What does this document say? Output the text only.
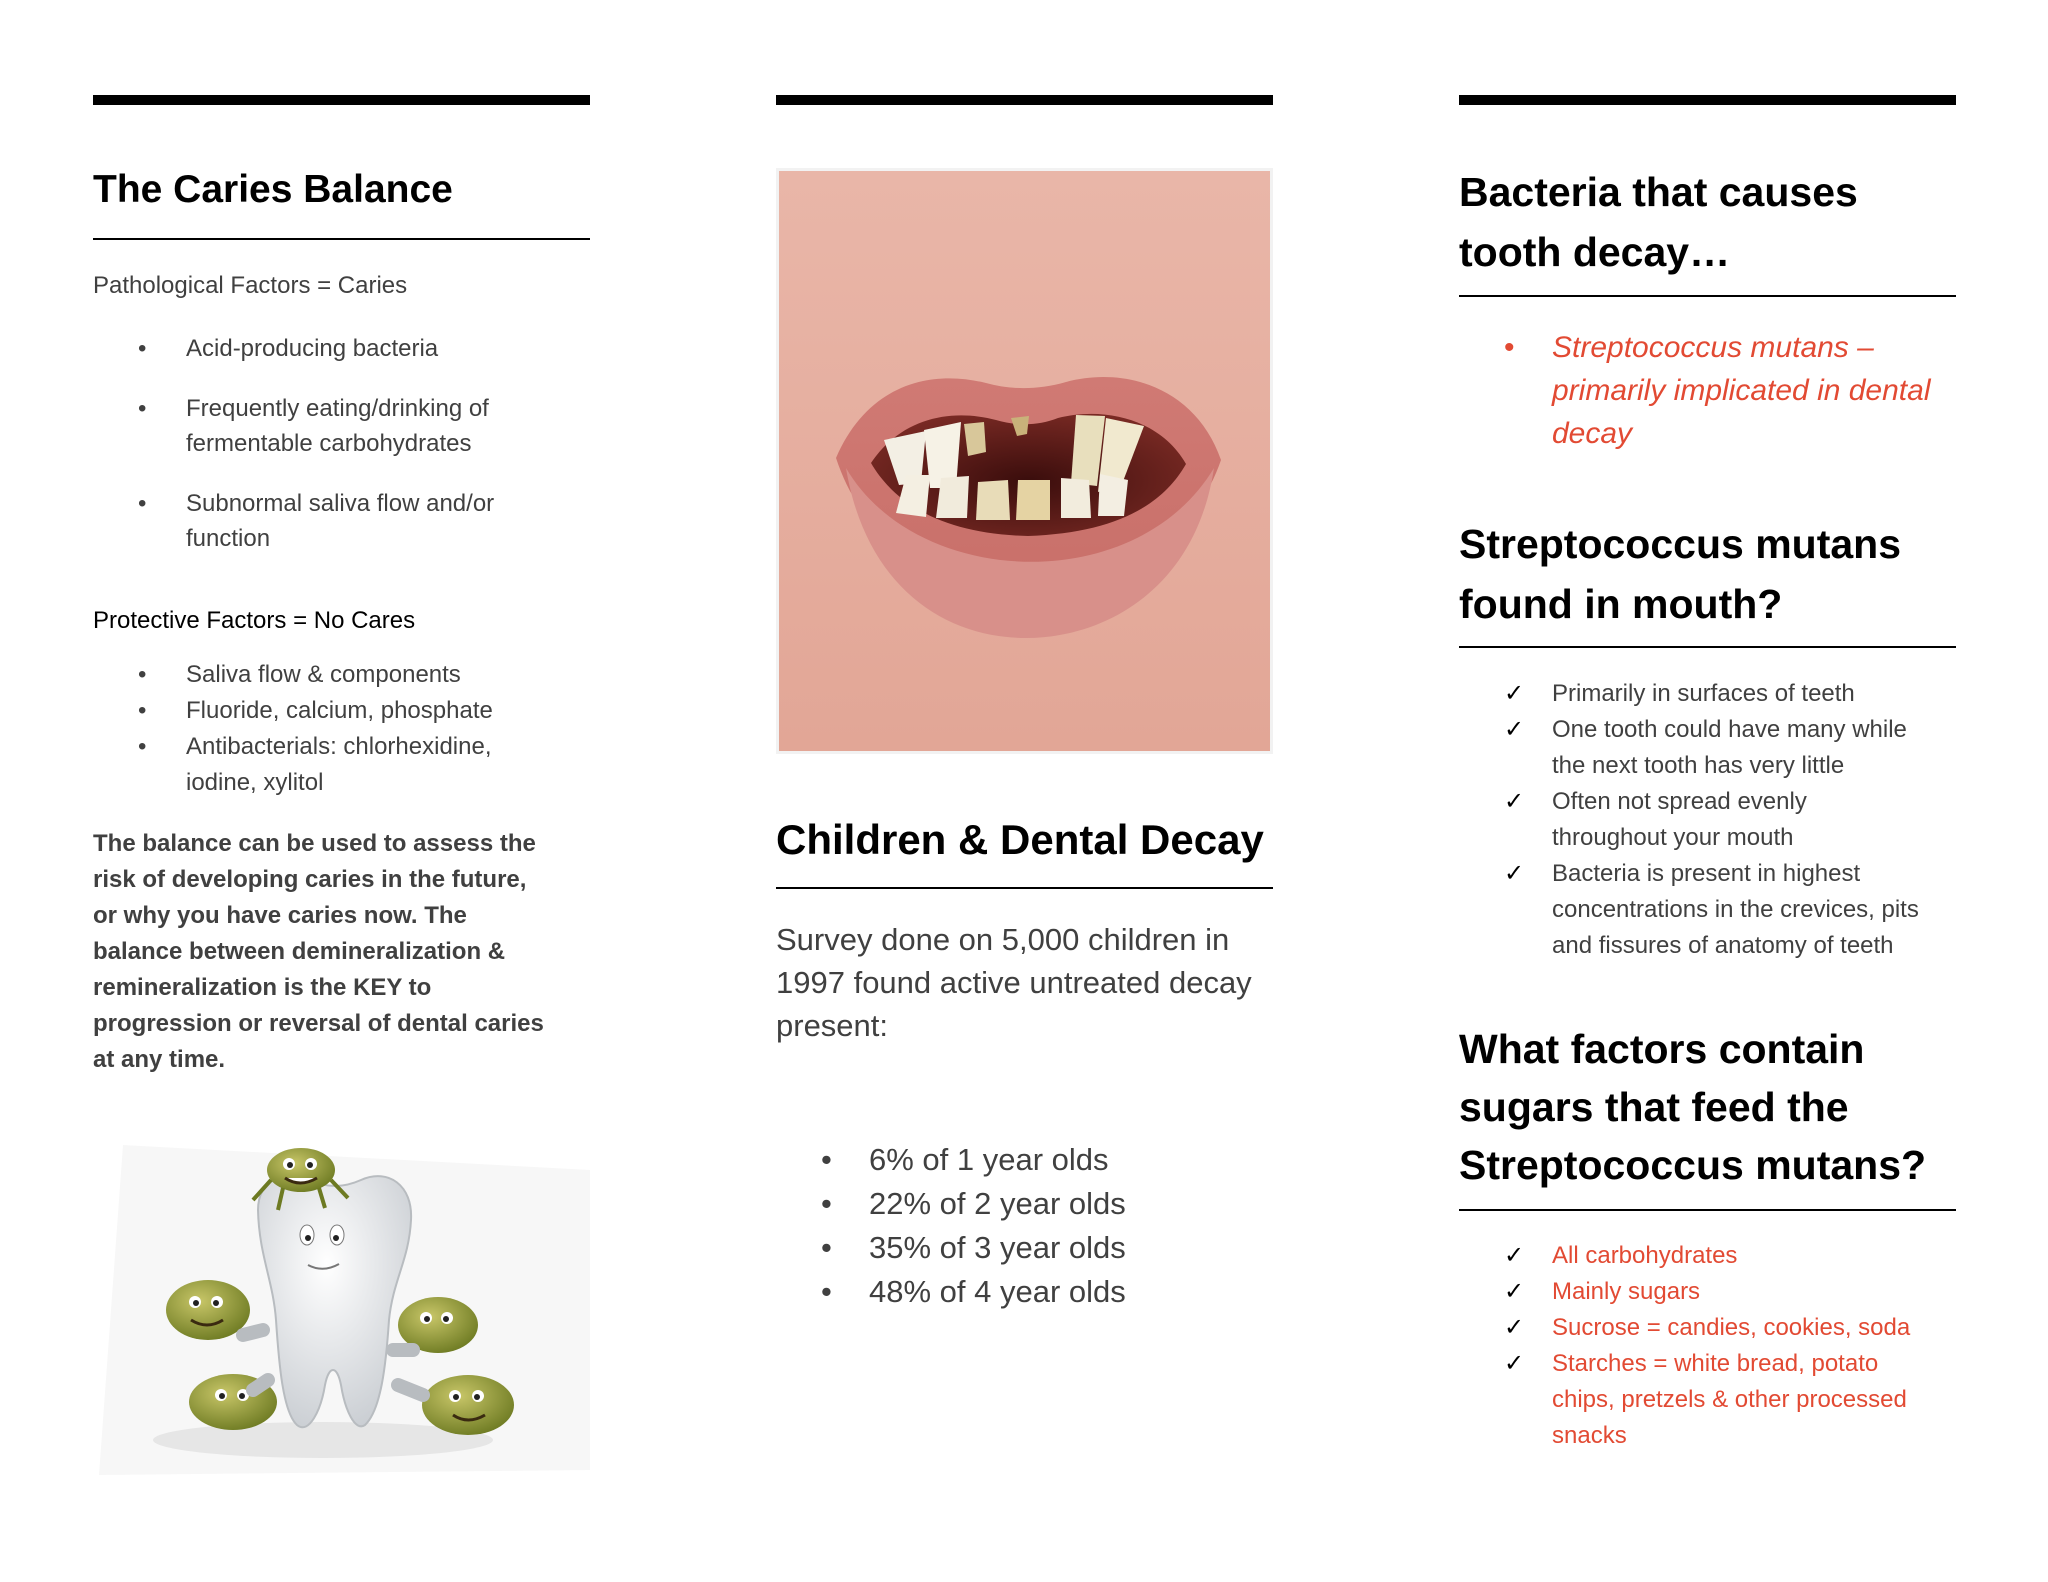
The Caries Balance
Pathological Factors = Caries
• Acid-producing bacteria
• Frequently eating/drinking of
fermentable carbohydrates
• Subnormal saliva flow and/or
function
Protective Factors = No Cares
• Saliva flow & components
• Fluoride, calcium, phosphate
• Antibacterials: chlorhexidine,
iodine, xylitol
The balance can be used to assess the
risk of developing caries in the future,
or why you have caries now. The
balance between demineralization &
remineralization is the KEY to
progression or reversal of dental caries
at any time.
Children & Dental Decay
Survey done on 5,000 children in
1997 found active untreated decay
present:
• 6% of 1 year olds
• 22% of 2 year olds
• 35% of 3 year olds
• 48% of 4 year olds
Bacteria that causes
tooth decay…
• Streptococcus mutans –
primarily implicated in dental
decay
Streptococcus mutans
found in mouth?
✓ Primarily in surfaces of teeth
✓ One tooth could have many while
the next tooth has very little
✓ Often not spread evenly
throughout your mouth
✓ Bacteria is present in highest
concentrations in the crevices, pits
and fissures of anatomy of teeth
What factors contain
sugars that feed the
Streptococcus mutans?
✓ All carbohydrates
✓ Mainly sugars
✓ Sucrose = candies, cookies, soda
✓ Starches = white bread, potato
chips, pretzels & other processed
snacks
